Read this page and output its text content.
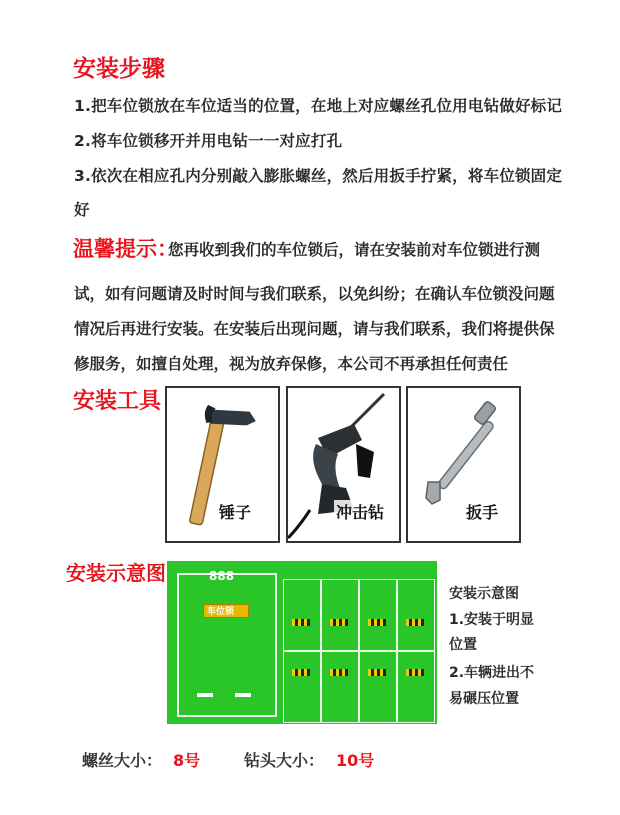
安装步骤
1.把车位锁放在车位适当的位置，在地上对应螺丝孔位用电钻做好标记
2.将车位锁移开并用电钻一一对应打孔
3.依次在相应孔内分别敲入膨胀螺丝，然后用扳手拧紧，将车位锁固定
好
温馨提示：
您再收到我们的车位锁后，请在安装前对车位锁进行测
试，如有问题请及时时间与我们联系，以免纠纷；在确认车位锁没问题
情况后再进行安装。在安装后出现问题，请与我们联系，我们将提供保
修服务，如擅自处理，视为放弃保修，本公司不再承担任何责任
安装工具
锤子	冲击钻	扳手
安装示意图	888
车位锁
安装示意图
1.安装于明显
位置
2.车辆进出不
易碾压位置
螺丝大小： 8号	钻头大小： 10号
